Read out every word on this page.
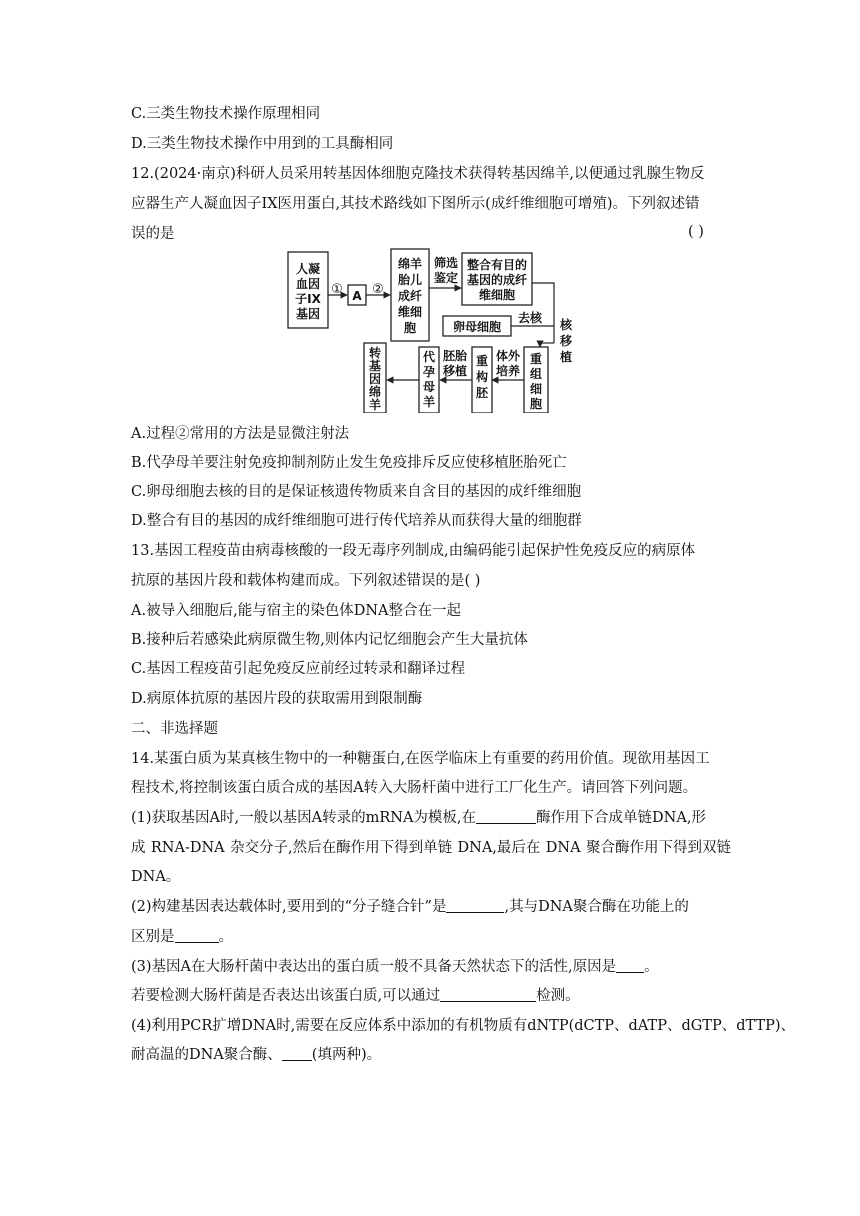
C.三类生物技术操作原理相同
D.三类生物技术操作中用到的工具酶相同
12.(2024·南京)科研人员采用转基因体细胞克隆技术获得转基因绵羊,以便通过乳腺生物反
应器生产人凝血因子IX医用蛋白,其技术路线如下图所示(成纤维细胞可增殖)。下列叙述错
误的是	( )
人凝
血因
子IX
基因
① A ②
绵羊
胎儿
成纤
维细
胞
筛选
鉴定
整合有目的
基因的成纤
维细胞
核
移
植
卵母细胞
去核
重
组
细
胞
体外
培养
重
构
胚
胚胎
移植
代
孕
母
羊
转
基
因
绵
羊
A.过程②常用的方法是显微注射法
B.代孕母羊要注射免疫抑制剂防止发生免疫排斥反应使移植胚胎死亡
C.卵母细胞去核的目的是保证核遗传物质来自含目的基因的成纤维细胞
D.整合有目的基因的成纤维细胞可进行传代培养从而获得大量的细胞群
13.基因工程疫苗由病毒核酸的一段无毒序列制成,由编码能引起保护性免疫反应的病原体
抗原的基因片段和载体构建而成。下列叙述错误的是( )
A.被导入细胞后,能与宿主的染色体DNA整合在一起
B.接种后若感染此病原微生物,则体内记忆细胞会产生大量抗体
C.基因工程疫苗引起免疫反应前经过转录和翻译过程
D.病原体抗原的基因片段的获取需用到限制酶
二、非选择题
14.某蛋白质为某真核生物中的一种糖蛋白,在医学临床上有重要的药用价值。现欲用基因工
程技术,将控制该蛋白质合成的基因A转入大肠杆菌中进行工厂化生产。请回答下列问题。
(1)获取基因A时,一般以基因A转录的mRNA为模板,在	酶作用下合成单链DNA,形
成 RNA-DNA 杂交分子,然后在酶作用下得到单链 DNA,最后在 DNA 聚合酶作用下得到双链
DNA。
(2)构建基因表达载体时,要用到的“分子缝合针”是	,其与DNA聚合酶在功能上的
区别是	。
(3)基因A在大肠杆菌中表达出的蛋白质一般不具备天然状态下的活性,原因是 。
若要检测大肠杆菌是否表达出该蛋白质,可以通过	检测。
(4)利用PCR扩增DNA时,需要在反应体系中添加的有机物质有dNTP(dCTP、dATP、dGTP、dTTP)、
耐高温的DNA聚合酶、 (填两种)。
